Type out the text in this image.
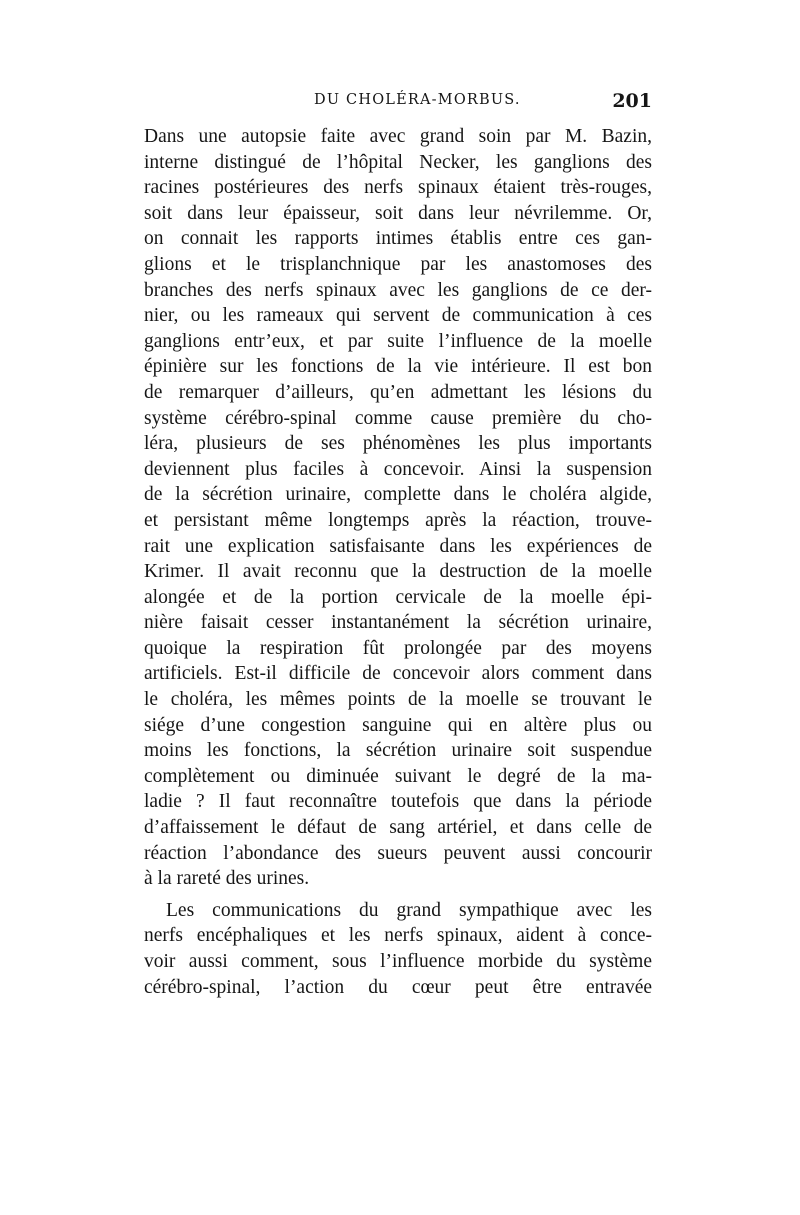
DU CHOLÉRA-MORBUS.	201
Dans une autopsie faite avec grand soin par M. Bazin,
interne distingué de l’hôpital Necker, les ganglions des
racines postérieures des nerfs spinaux étaient très-rouges,
soit dans leur épaisseur, soit dans leur névrilemme. Or,
on connait les rapports intimes établis entre ces gan-
glions et le trisplanchnique par les anastomoses des
branches des nerfs spinaux avec les ganglions de ce der-
nier, ou les rameaux qui servent de communication à ces
ganglions entr’eux, et par suite l’influence de la moelle
épinière sur les fonctions de la vie intérieure. Il est bon
de remarquer d’ailleurs, qu’en admettant les lésions du
système cérébro-spinal comme cause première du cho-
léra, plusieurs de ses phénomènes les plus importants
deviennent plus faciles à concevoir. Ainsi la suspension
de la sécrétion urinaire, complette dans le choléra algide,
et persistant même longtemps après la réaction, trouve-
rait une explication satisfaisante dans les expériences de
Krimer. Il avait reconnu que la destruction de la moelle
alongée et de la portion cervicale de la moelle épi-
nière faisait cesser instantanément la sécrétion urinaire,
quoique la respiration fût prolongée par des moyens
artificiels. Est-il difficile de concevoir alors comment dans
le choléra, les mêmes points de la moelle se trouvant le
siége d’une congestion sanguine qui en altère plus ou
moins les fonctions, la sécrétion urinaire soit suspendue
complètement ou diminuée suivant le degré de la ma-
ladie ? Il faut reconnaître toutefois que dans la période
d’affaissement le défaut de sang artériel, et dans celle de
réaction l’abondance des sueurs peuvent aussi concourir
à la rareté des urines.
Les communications du grand sympathique avec les
nerfs encéphaliques et les nerfs spinaux, aident à conce-
voir aussi comment, sous l’influence morbide du système
cérébro-spinal, l’action du cœur peut être entravée
